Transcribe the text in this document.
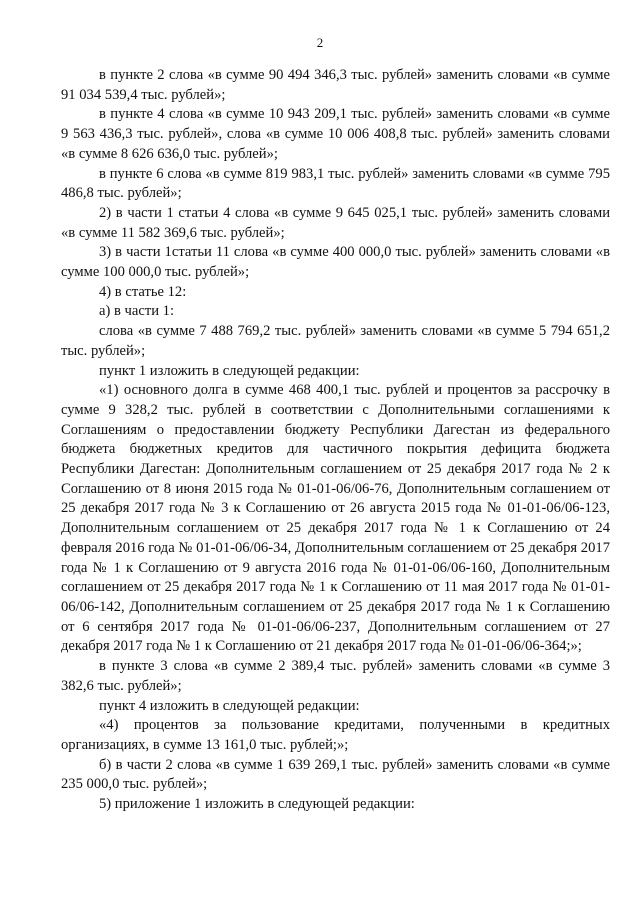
2

в пункте 2 слова «в сумме 90 494 346,3 тыс. рублей» заменить словами «в сумме 91 034 539,4 тыс. рублей»;

в пункте 4 слова «в сумме 10 943 209,1 тыс. рублей» заменить словами «в сумме 9 563 436,3 тыс. рублей», слова «в сумме 10 006 408,8 тыс. рублей» заменить словами «в сумме 8 626 636,0 тыс. рублей»;

в пункте 6 слова «в сумме 819 983,1 тыс. рублей» заменить словами «в сумме 795 486,8 тыс. рублей»;

2) в части 1 статьи 4 слова «в сумме 9 645 025,1 тыс. рублей» заменить словами «в сумме 11 582 369,6 тыс. рублей»;

3) в части 1статьи 11 слова «в сумме 400 000,0 тыс. рублей» заменить словами «в сумме 100 000,0 тыс. рублей»;

4) в статье 12:

а) в части 1:

слова «в сумме 7 488 769,2 тыс. рублей» заменить словами «в сумме 5 794 651,2 тыс. рублей»;

пункт 1 изложить в следующей редакции:

«1) основного долга в сумме 468 400,1 тыс. рублей и процентов за рассрочку в сумме 9 328,2 тыс. рублей в соответствии с Дополнительными соглашениями к Соглашениям о предоставлении бюджету Республики Дагестан из федерального бюджета бюджетных кредитов для частичного покрытия дефицита бюджета Республики Дагестан: Дополнительным соглашением от 25 декабря 2017 года № 2 к Соглашению от 8 июня 2015 года № 01-01-06/06-76, Дополнительным соглашением от 25 декабря 2017 года № 3 к Соглашению от 26 августа 2015 года № 01-01-06/06-123, Дополнительным соглашением от 25 декабря 2017 года № 1 к Соглашению от 24 февраля 2016 года № 01-01-06/06-34, Дополнительным соглашением от 25 декабря 2017 года № 1 к Соглашению от 9 августа 2016 года № 01-01-06/06-160, Дополнительным соглашением от 25 декабря 2017 года № 1 к Соглашению от 11 мая 2017 года № 01-01-06/06-142, Дополнительным соглашением от 25 декабря 2017 года № 1 к Соглашению от 6 сентября 2017 года № 01-01-06/06-237, Дополнительным соглашением от 27 декабря 2017 года № 1 к Соглашению от 21 декабря 2017 года № 01-01-06/06-364;»;

в пункте 3 слова «в сумме 2 389,4 тыс. рублей» заменить словами «в сумме 3 382,6 тыс. рублей»;

пункт 4 изложить в следующей редакции:

«4) процентов за пользование кредитами, полученными в кредитных организациях, в сумме 13 161,0 тыс. рублей;»;

б) в части 2 слова «в сумме 1 639 269,1 тыс. рублей» заменить словами «в сумме 235 000,0 тыс. рублей»;

5) приложение 1 изложить в следующей редакции:
